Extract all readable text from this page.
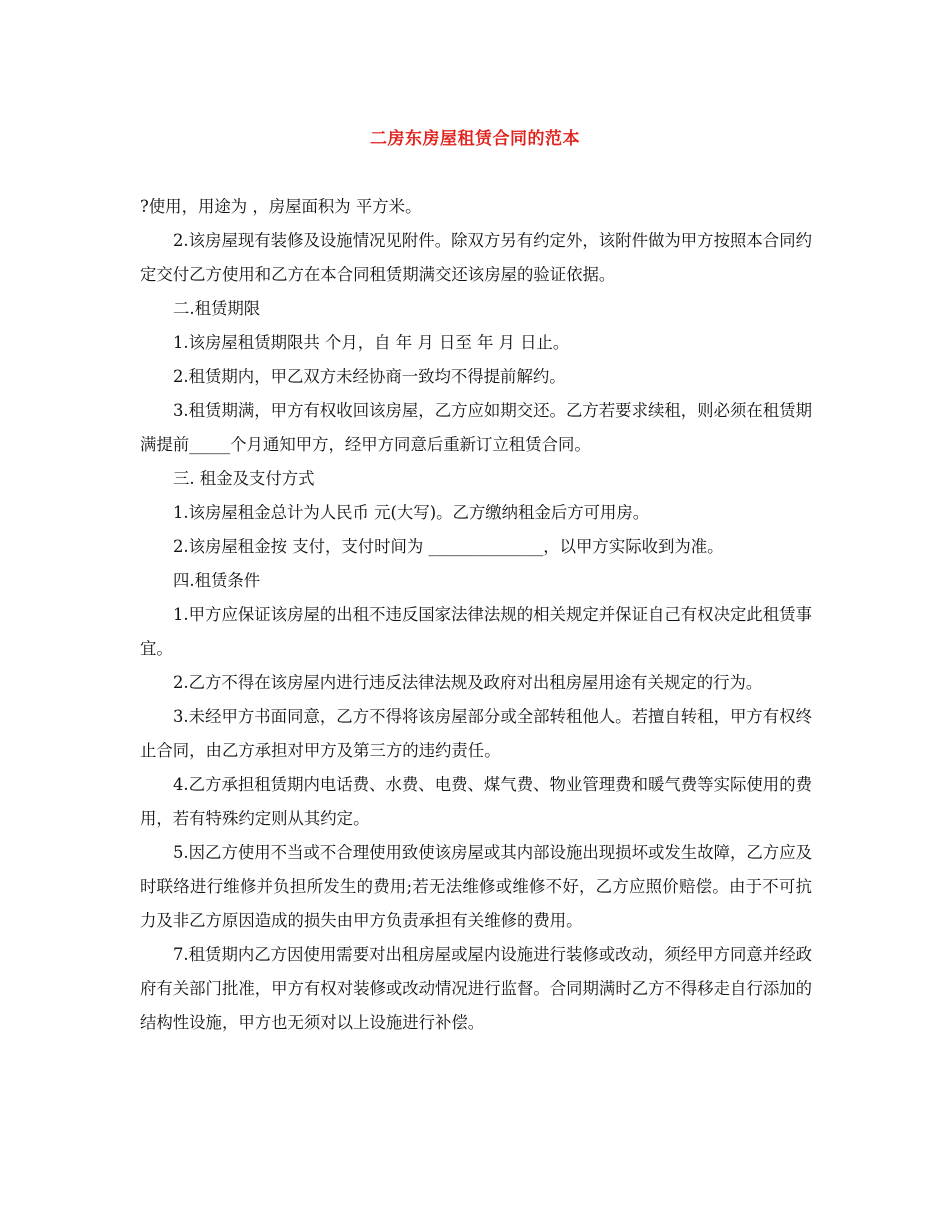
二房东房屋租赁合同的范本

?使用，用途为 ，房屋面积为 平方米。

2.该房屋现有装修及设施情况见附件。除双方另有约定外，该附件做为甲方按照本合同约定交付乙方使用和乙方在本合同租赁期满交还该房屋的验证依据。

二.租赁期限

1.该房屋租赁期限共 个月，自 年 月 日至 年 月 日止。

2.租赁期内，甲乙双方未经协商一致均不得提前解约。

3.租赁期满，甲方有权收回该房屋，乙方应如期交还。乙方若要求续租，则必须在租赁期满提前_____个月通知甲方，经甲方同意后重新订立租赁合同。

三. 租金及支付方式

1.该房屋租金总计为人民币 元(大写)。乙方缴纳租金后方可用房。

2.该房屋租金按 支付，支付时间为 ______________，以甲方实际收到为准。

四.租赁条件

1.甲方应保证该房屋的出租不违反国家法律法规的相关规定并保证自己有权决定此租赁事宜。

2.乙方不得在该房屋内进行违反法律法规及政府对出租房屋用途有关规定的行为。

3.未经甲方书面同意，乙方不得将该房屋部分或全部转租他人。若擅自转租，甲方有权终止合同，由乙方承担对甲方及第三方的违约责任。

4.乙方承担租赁期内电话费、水费、电费、煤气费、物业管理费和暖气费等实际使用的费用，若有特殊约定则从其约定。

5.因乙方使用不当或不合理使用致使该房屋或其内部设施出现损坏或发生故障，乙方应及时联络进行维修并负担所发生的费用;若无法维修或维修不好，乙方应照价赔偿。由于不可抗力及非乙方原因造成的损失由甲方负责承担有关维修的费用。

7.租赁期内乙方因使用需要对出租房屋或屋内设施进行装修或改动，须经甲方同意并经政府有关部门批准，甲方有权对装修或改动情况进行监督。合同期满时乙方不得移走自行添加的结构性设施，甲方也无须对以上设施进行补偿。
